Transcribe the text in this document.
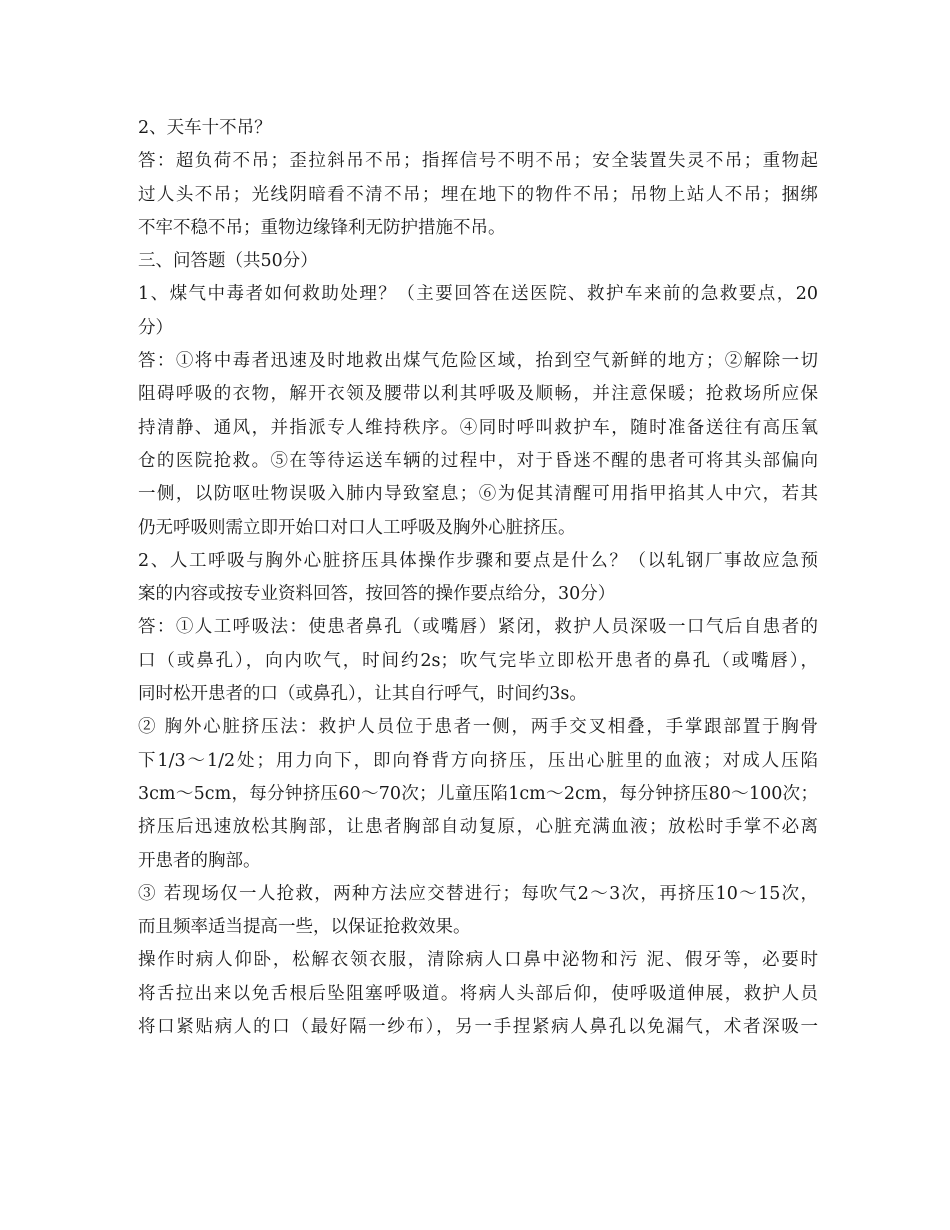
2、天车十不吊？
答：超负荷不吊；歪拉斜吊不吊；指挥信号不明不吊；安全装置失灵不吊；重物起
过人头不吊；光线阴暗看不清不吊；埋在地下的物件不吊；吊物上站人不吊；捆绑
不牢不稳不吊；重物边缘锋利无防护措施不吊。
三、问答题（共50分）
1、煤气中毒者如何救助处理？（主要回答在送医院、救护车来前的急救要点，20
分）
答：①将中毒者迅速及时地救出煤气危险区域，抬到空气新鲜的地方；②解除一切
阻碍呼吸的衣物，解开衣领及腰带以利其呼吸及顺畅，并注意保暖；抢救场所应保
持清静、通风，并指派专人维持秩序。④同时呼叫救护车，随时准备送往有高压氧
仓的医院抢救。⑤在等待运送车辆的过程中，对于昏迷不醒的患者可将其头部偏向
一侧，以防呕吐物误吸入肺内导致窒息；⑥为促其清醒可用指甲掐其人中穴，若其
仍无呼吸则需立即开始口对口人工呼吸及胸外心脏挤压。
2、人工呼吸与胸外心脏挤压具体操作步骤和要点是什么？（以轧钢厂事故应急预
案的内容或按专业资料回答，按回答的操作要点给分，30分）
答：①人工呼吸法：使患者鼻孔（或嘴唇）紧闭，救护人员深吸一口气后自患者的
口（或鼻孔），向内吹气，时间约2s；吹气完毕立即松开患者的鼻孔（或嘴唇），
同时松开患者的口（或鼻孔），让其自行呼气，时间约3s。
② 胸外心脏挤压法：救护人员位于患者一侧，两手交叉相叠，手掌跟部置于胸骨
下1/3～1/2处；用力向下，即向脊背方向挤压，压出心脏里的血液；对成人压陷
3cm～5cm，每分钟挤压60～70次；儿童压陷1cm～2cm，每分钟挤压80～100次；
挤压后迅速放松其胸部，让患者胸部自动复原，心脏充满血液；放松时手掌不必离
开患者的胸部。
③ 若现场仅一人抢救，两种方法应交替进行；每吹气2～3次，再挤压10～15次，
而且频率适当提高一些，以保证抢救效果。
操作时病人仰卧，松解衣领衣服，清除病人口鼻中泌物和污 泥、假牙等，必要时
将舌拉出来以免舌根后坠阻塞呼吸道。将病人头部后仰，使呼吸道伸展，救护人员
将口紧贴病人的口（最好隔一纱布），另一手捏紧病人鼻孔以免漏气，术者深吸一
